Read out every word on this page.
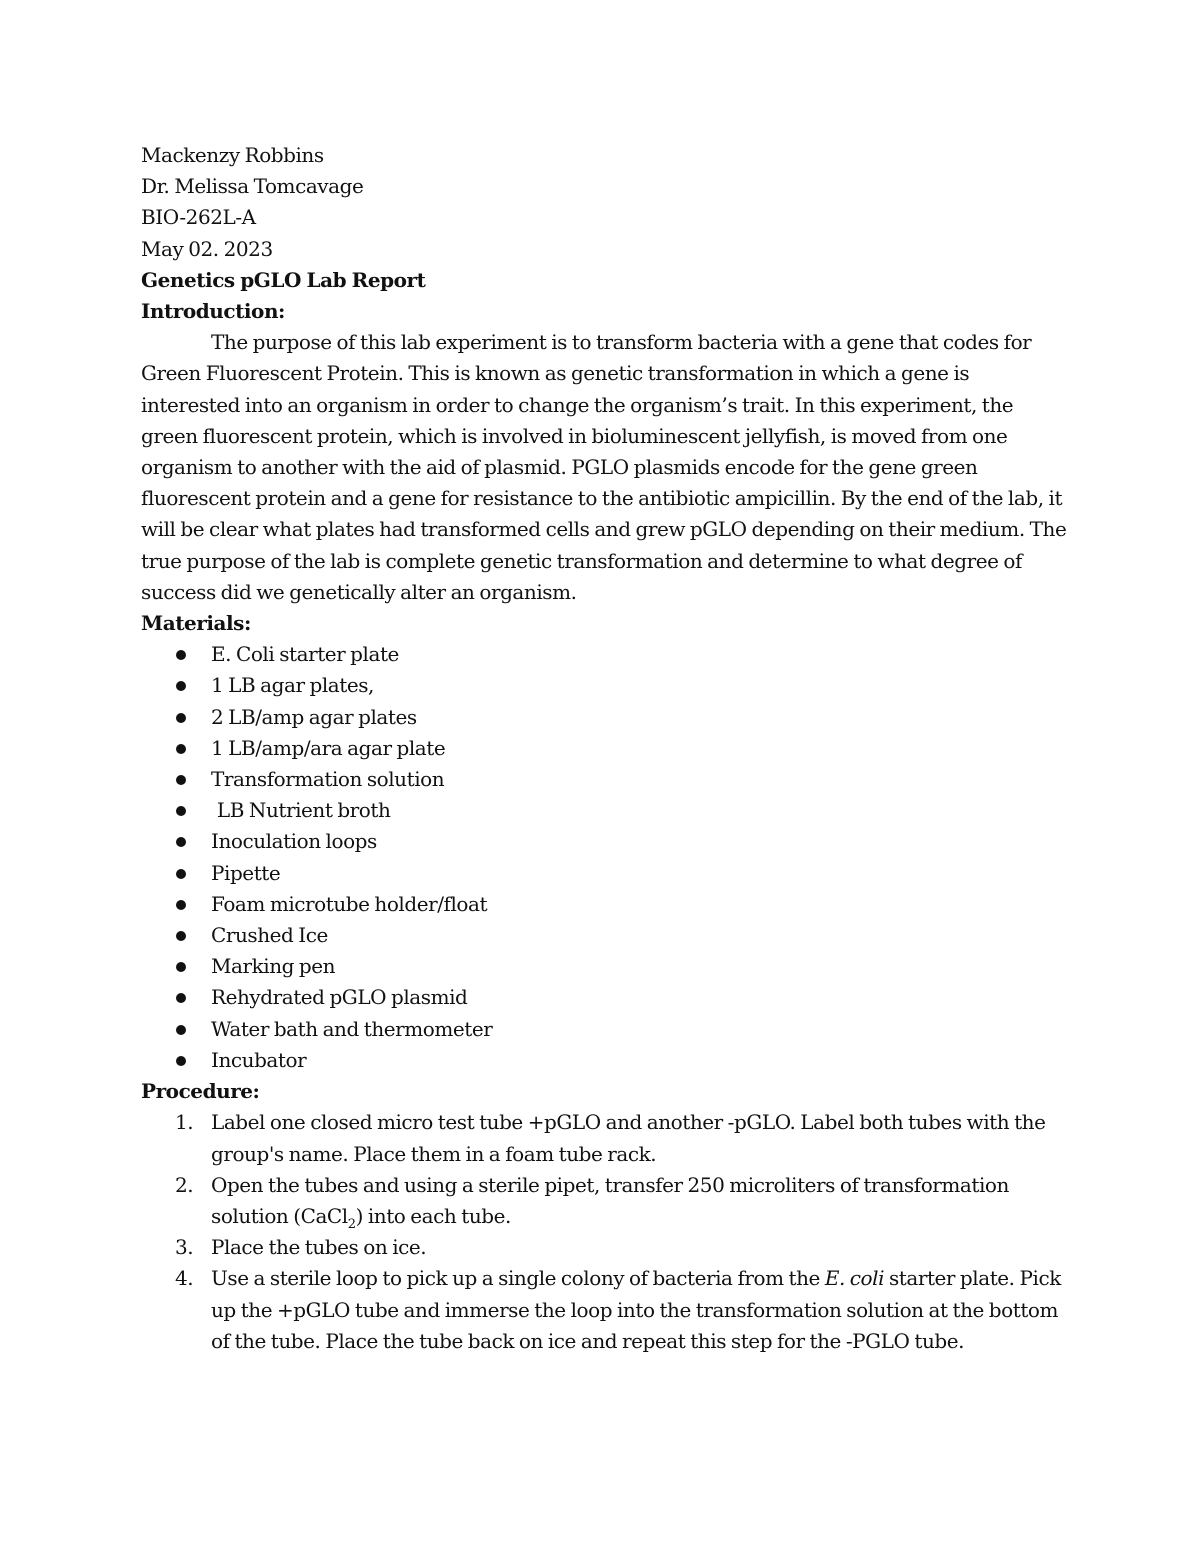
Mackenzy Robbins
Dr. Melissa Tomcavage
BIO-262L-A
May 02. 2023
Genetics pGLO Lab Report
Introduction:
The purpose of this lab experiment is to transform bacteria with a gene that codes for Green Fluorescent Protein. This is known as genetic transformation in which a gene is interested into an organism in order to change the organism’s trait. In this experiment, the green fluorescent protein, which is involved in bioluminescent jellyfish, is moved from one organism to another with the aid of plasmid. PGLO plasmids encode for the gene green fluorescent protein and a gene for resistance to the antibiotic ampicillin. By the end of the lab, it will be clear what plates had transformed cells and grew pGLO depending on their medium. The true purpose of the lab is complete genetic transformation and determine to what degree of success did we genetically alter an organism.
Materials:
E. Coli starter plate
1 LB agar plates,
2 LB/amp agar plates
1 LB/amp/ara agar plate
Transformation solution
LB Nutrient broth
Inoculation loops
Pipette
Foam microtube holder/float
Crushed Ice
Marking pen
Rehydrated pGLO plasmid
Water bath and thermometer
Incubator
Procedure:
1. Label one closed micro test tube +pGLO and another -pGLO. Label both tubes with the group's name. Place them in a foam tube rack.
2. Open the tubes and using a sterile pipet, transfer 250 microliters of transformation solution (CaCl$_2$) into each tube.
3. Place the tubes on ice.
4. Use a sterile loop to pick up a single colony of bacteria from the E. coli starter plate. Pick up the +pGLO tube and immerse the loop into the transformation solution at the bottom of the tube. Place the tube back on ice and repeat this step for the -PGLO tube.
